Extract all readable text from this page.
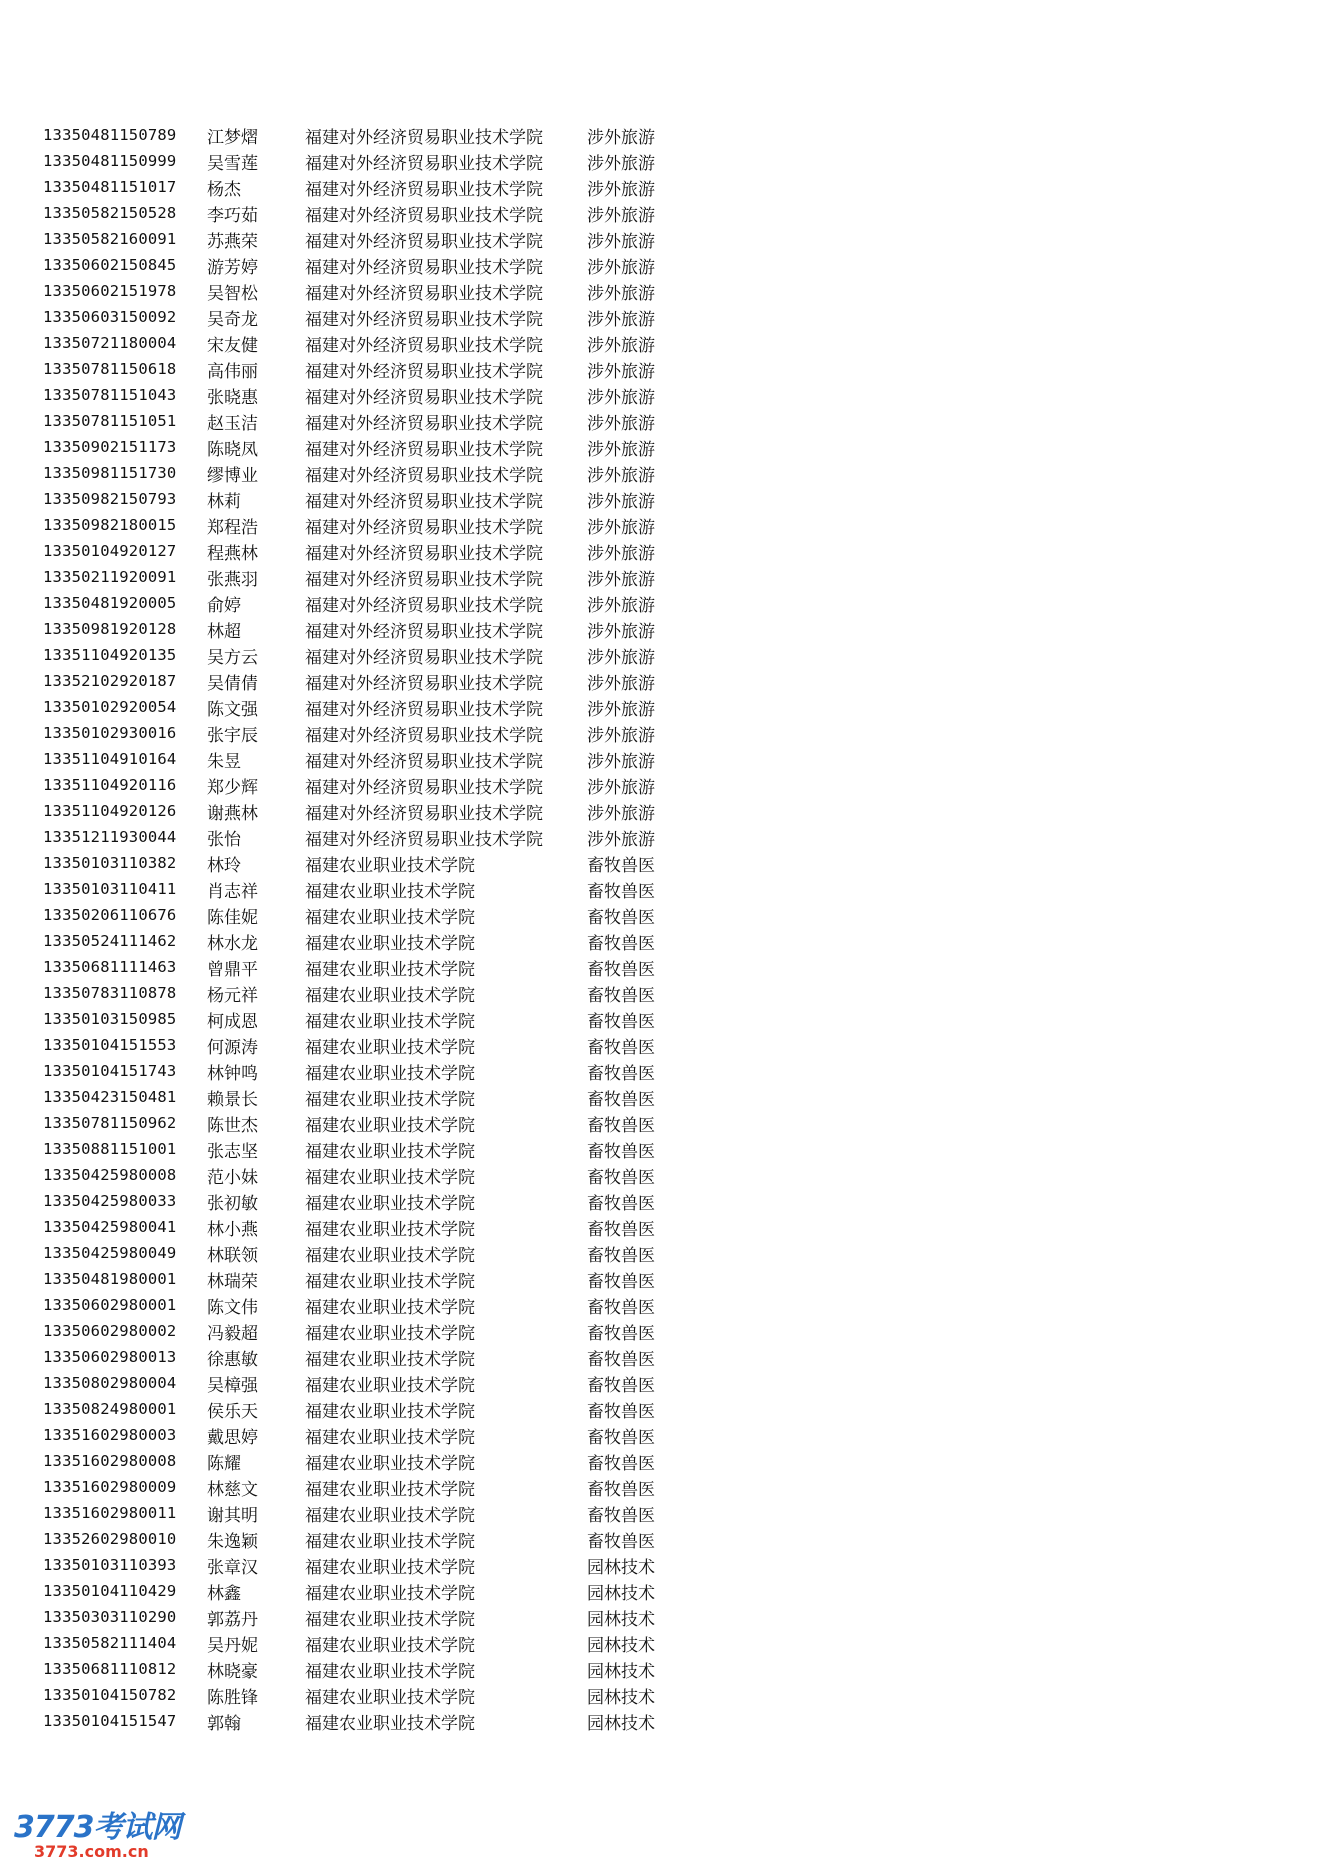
13350481150789	江梦熠	福建对外经济贸易职业技术学院	涉外旅游
13350481150999	吴雪莲	福建对外经济贸易职业技术学院	涉外旅游
13350481151017	杨杰	福建对外经济贸易职业技术学院	涉外旅游
13350582150528	李巧茹	福建对外经济贸易职业技术学院	涉外旅游
13350582160091	苏燕荣	福建对外经济贸易职业技术学院	涉外旅游
13350602150845	游芳婷	福建对外经济贸易职业技术学院	涉外旅游
13350602151978	吴智松	福建对外经济贸易职业技术学院	涉外旅游
13350603150092	吴奇龙	福建对外经济贸易职业技术学院	涉外旅游
13350721180004	宋友健	福建对外经济贸易职业技术学院	涉外旅游
13350781150618	高伟丽	福建对外经济贸易职业技术学院	涉外旅游
13350781151043	张晓惠	福建对外经济贸易职业技术学院	涉外旅游
13350781151051	赵玉洁	福建对外经济贸易职业技术学院	涉外旅游
13350902151173	陈晓凤	福建对外经济贸易职业技术学院	涉外旅游
13350981151730	缪博业	福建对外经济贸易职业技术学院	涉外旅游
13350982150793	林莉	福建对外经济贸易职业技术学院	涉外旅游
13350982180015	郑程浩	福建对外经济贸易职业技术学院	涉外旅游
13350104920127	程燕林	福建对外经济贸易职业技术学院	涉外旅游
13350211920091	张燕羽	福建对外经济贸易职业技术学院	涉外旅游
13350481920005	俞婷	福建对外经济贸易职业技术学院	涉外旅游
13350981920128	林超	福建对外经济贸易职业技术学院	涉外旅游
13351104920135	吴方云	福建对外经济贸易职业技术学院	涉外旅游
13352102920187	吴倩倩	福建对外经济贸易职业技术学院	涉外旅游
13350102920054	陈文强	福建对外经济贸易职业技术学院	涉外旅游
13350102930016	张宇辰	福建对外经济贸易职业技术学院	涉外旅游
13351104910164	朱昱	福建对外经济贸易职业技术学院	涉外旅游
13351104920116	郑少辉	福建对外经济贸易职业技术学院	涉外旅游
13351104920126	谢燕林	福建对外经济贸易职业技术学院	涉外旅游
13351211930044	张怡	福建对外经济贸易职业技术学院	涉外旅游
13350103110382	林玲	福建农业职业技术学院	畜牧兽医
13350103110411	肖志祥	福建农业职业技术学院	畜牧兽医
13350206110676	陈佳妮	福建农业职业技术学院	畜牧兽医
13350524111462	林水龙	福建农业职业技术学院	畜牧兽医
13350681111463	曾鼎平	福建农业职业技术学院	畜牧兽医
13350783110878	杨元祥	福建农业职业技术学院	畜牧兽医
13350103150985	柯成恩	福建农业职业技术学院	畜牧兽医
13350104151553	何源涛	福建农业职业技术学院	畜牧兽医
13350104151743	林钟鸣	福建农业职业技术学院	畜牧兽医
13350423150481	赖景长	福建农业职业技术学院	畜牧兽医
13350781150962	陈世杰	福建农业职业技术学院	畜牧兽医
13350881151001	张志坚	福建农业职业技术学院	畜牧兽医
13350425980008	范小妹	福建农业职业技术学院	畜牧兽医
13350425980033	张初敏	福建农业职业技术学院	畜牧兽医
13350425980041	林小燕	福建农业职业技术学院	畜牧兽医
13350425980049	林联领	福建农业职业技术学院	畜牧兽医
13350481980001	林瑞荣	福建农业职业技术学院	畜牧兽医
13350602980001	陈文伟	福建农业职业技术学院	畜牧兽医
13350602980002	冯毅超	福建农业职业技术学院	畜牧兽医
13350602980013	徐惠敏	福建农业职业技术学院	畜牧兽医
13350802980004	吴樟强	福建农业职业技术学院	畜牧兽医
13350824980001	侯乐天	福建农业职业技术学院	畜牧兽医
13351602980003	戴思婷	福建农业职业技术学院	畜牧兽医
13351602980008	陈耀	福建农业职业技术学院	畜牧兽医
13351602980009	林慈文	福建农业职业技术学院	畜牧兽医
13351602980011	谢其明	福建农业职业技术学院	畜牧兽医
13352602980010	朱逸颖	福建农业职业技术学院	畜牧兽医
13350103110393	张章汉	福建农业职业技术学院	园林技术
13350104110429	林鑫	福建农业职业技术学院	园林技术
13350303110290	郭荔丹	福建农业职业技术学院	园林技术
13350582111404	吴丹妮	福建农业职业技术学院	园林技术
13350681110812	林晓豪	福建农业职业技术学院	园林技术
13350104150782	陈胜锋	福建农业职业技术学院	园林技术
13350104151547	郭翰	福建农业职业技术学院	园林技术
3773考试网
3773.com.cn
